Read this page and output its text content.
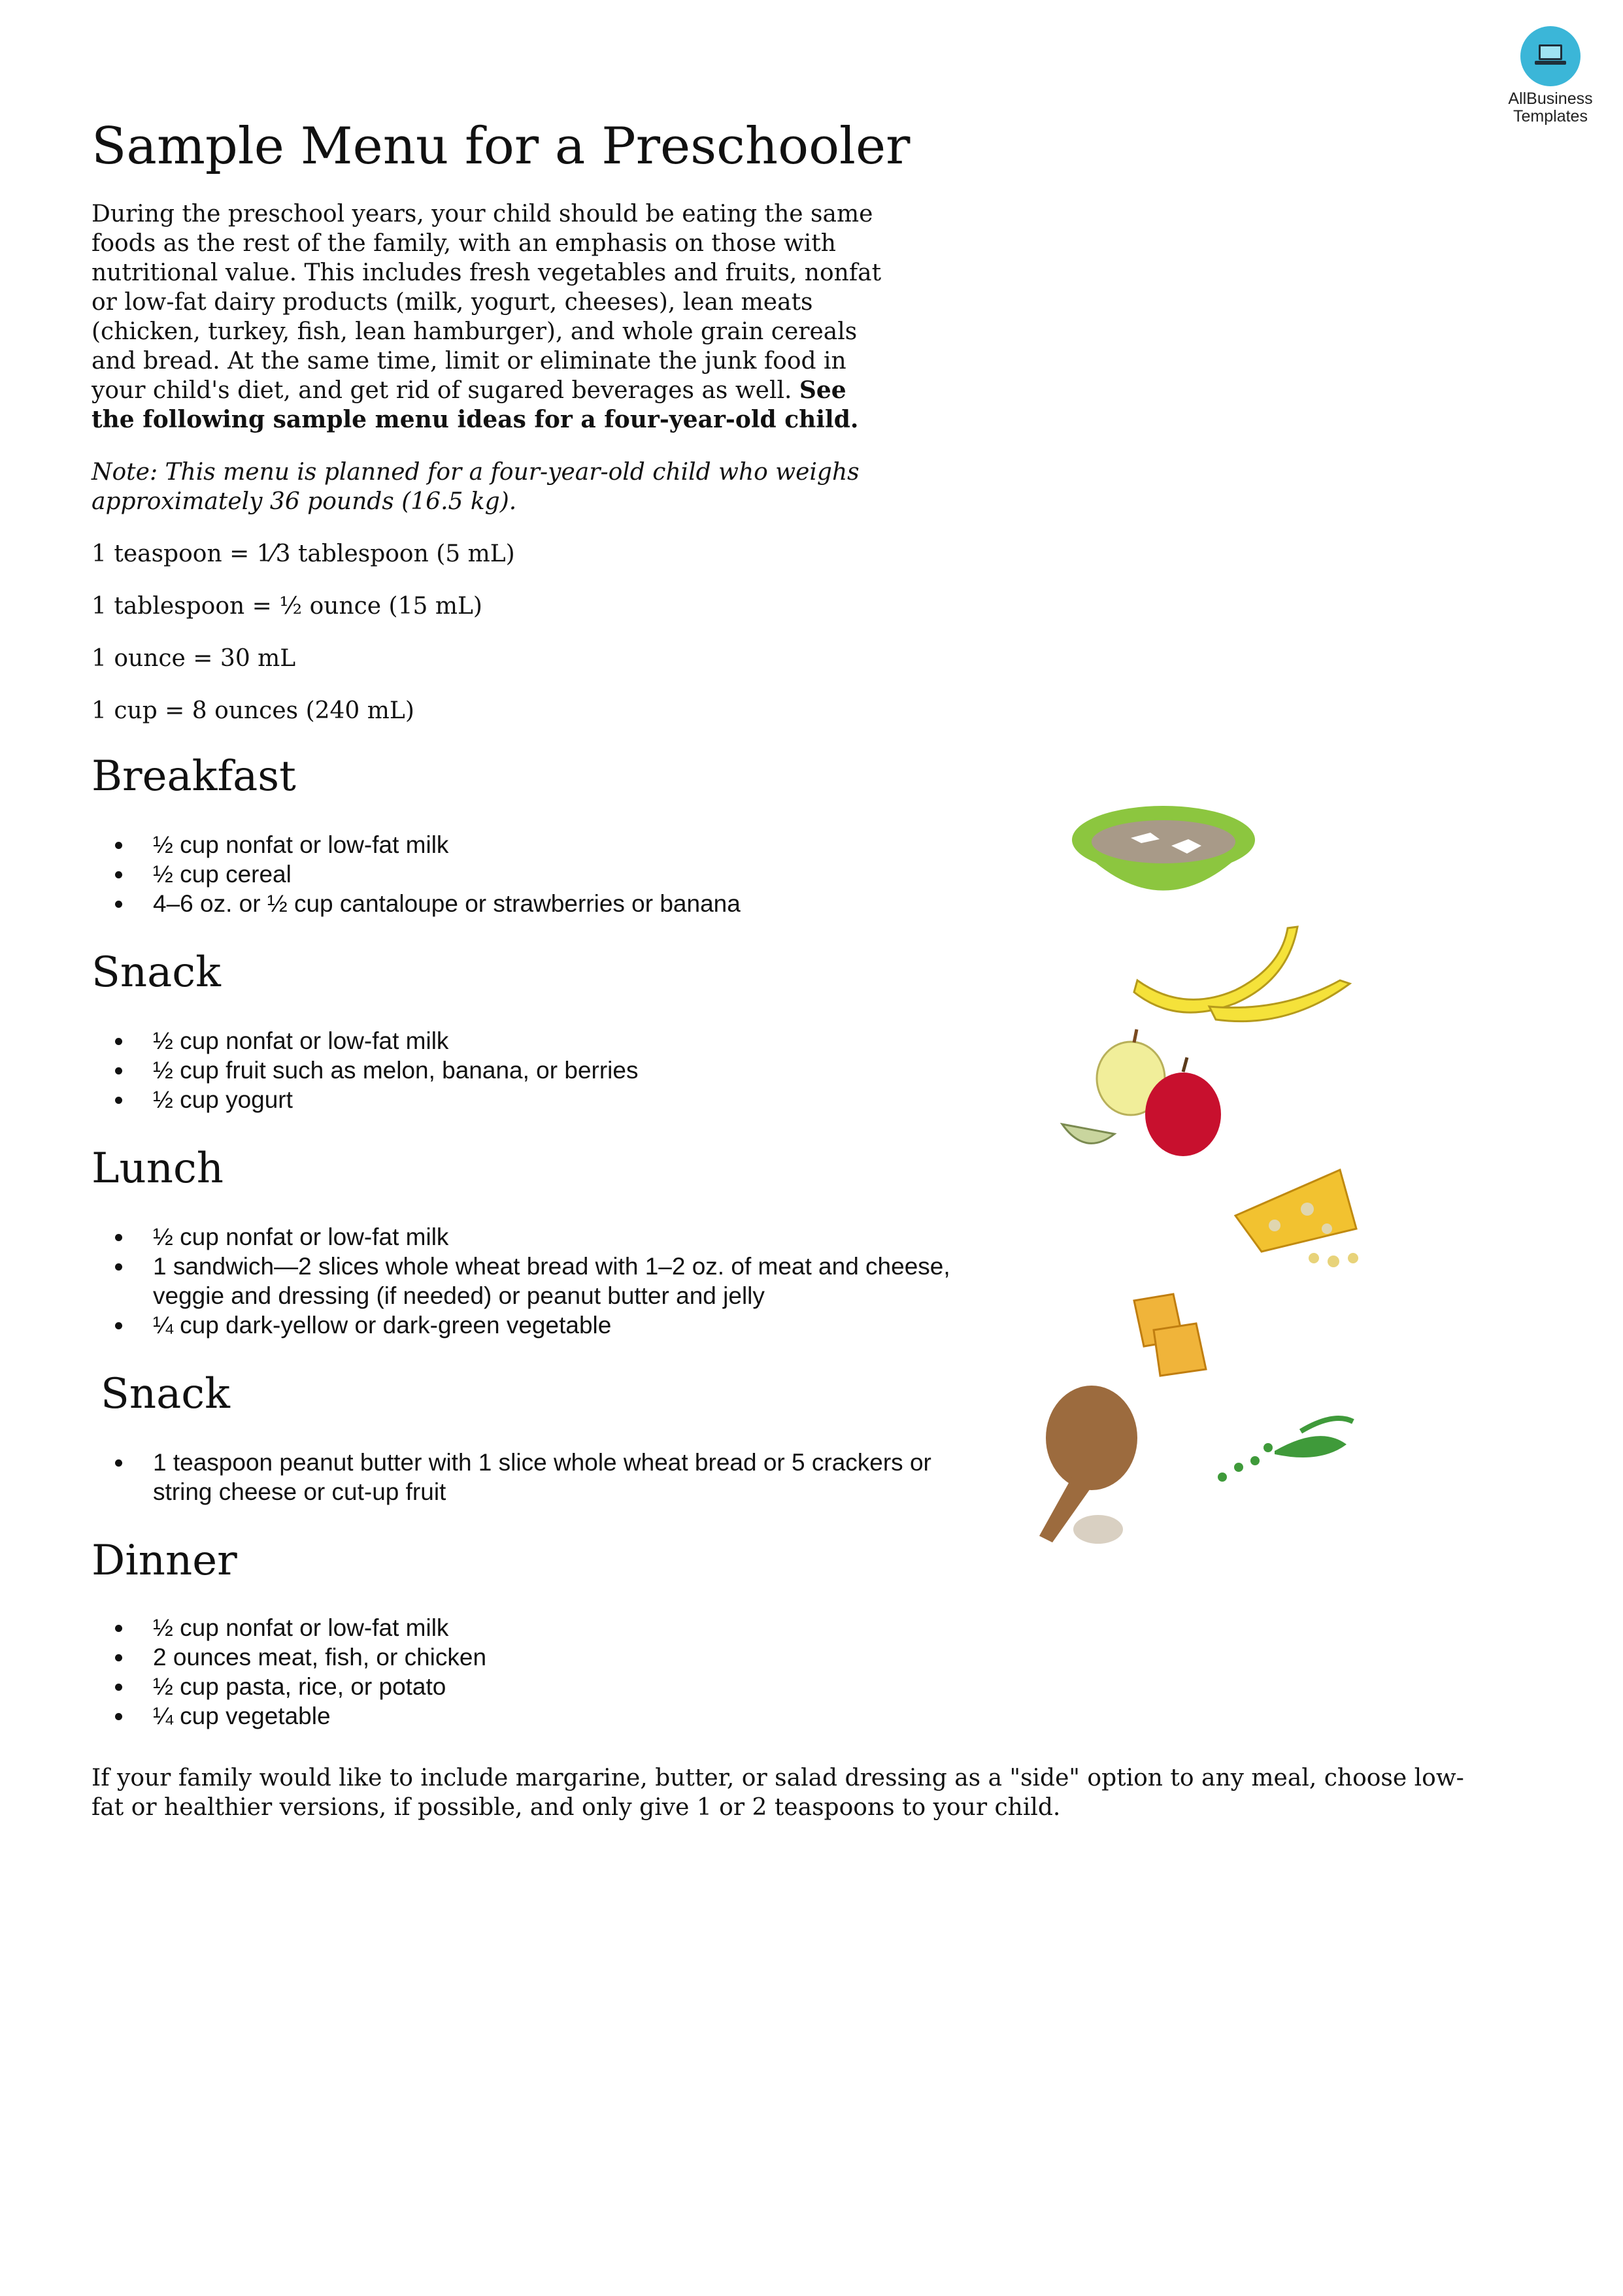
AllBusiness
Templates
Sample Menu for a Preschooler

During the preschool years, your child should be eating the same foods as the rest of the family, with an emphasis on those with nutritional value. This includes fresh vegetables and fruits, nonfat or low-fat dairy products (milk, yogurt, cheeses), lean meats (chicken, turkey, fish, lean hamburger), and whole grain cereals and bread. At the same time, limit or eliminate the junk food in your child's diet, and get rid of sugared beverages as well. See the following sample menu ideas for a four-year-old child.

Note: This menu is planned for a four-year-old child who weighs approximately 36 pounds (16.5 kg).

1 teaspoon = 1⁄3 tablespoon (5 mL)

1 tablespoon = ½ ounce (15 mL)

1 ounce = 30 mL

1 cup = 8 ounces (240 mL)

Breakfast
½ cup nonfat or low-fat milk
½ cup cereal
4–6 oz. or ½ cup cantaloupe or strawberries or banana
Snack
½ cup nonfat or low-fat milk
½ cup fruit such as melon, banana, or berries
½ cup yogurt
Lunch
½ cup nonfat or low-fat milk
1 sandwich—2 slices whole wheat bread with 1–2 oz. of meat and cheese, veggie and dressing (if needed) or peanut butter and jelly
¼ cup dark-yellow or dark-green vegetable
Snack
1 teaspoon peanut butter with 1 slice whole wheat bread or 5 crackers or string cheese or cut-up fruit
Dinner
½ cup nonfat or low-fat milk
2 ounces meat, fish, or chicken
½ cup pasta, rice, or potato
¼ cup vegetable

If your family would like to include margarine, butter, or salad dressing as a "side" option to any meal, choose low- fat or healthier versions, if possible, and only give 1 or 2 teaspoons to your child.
